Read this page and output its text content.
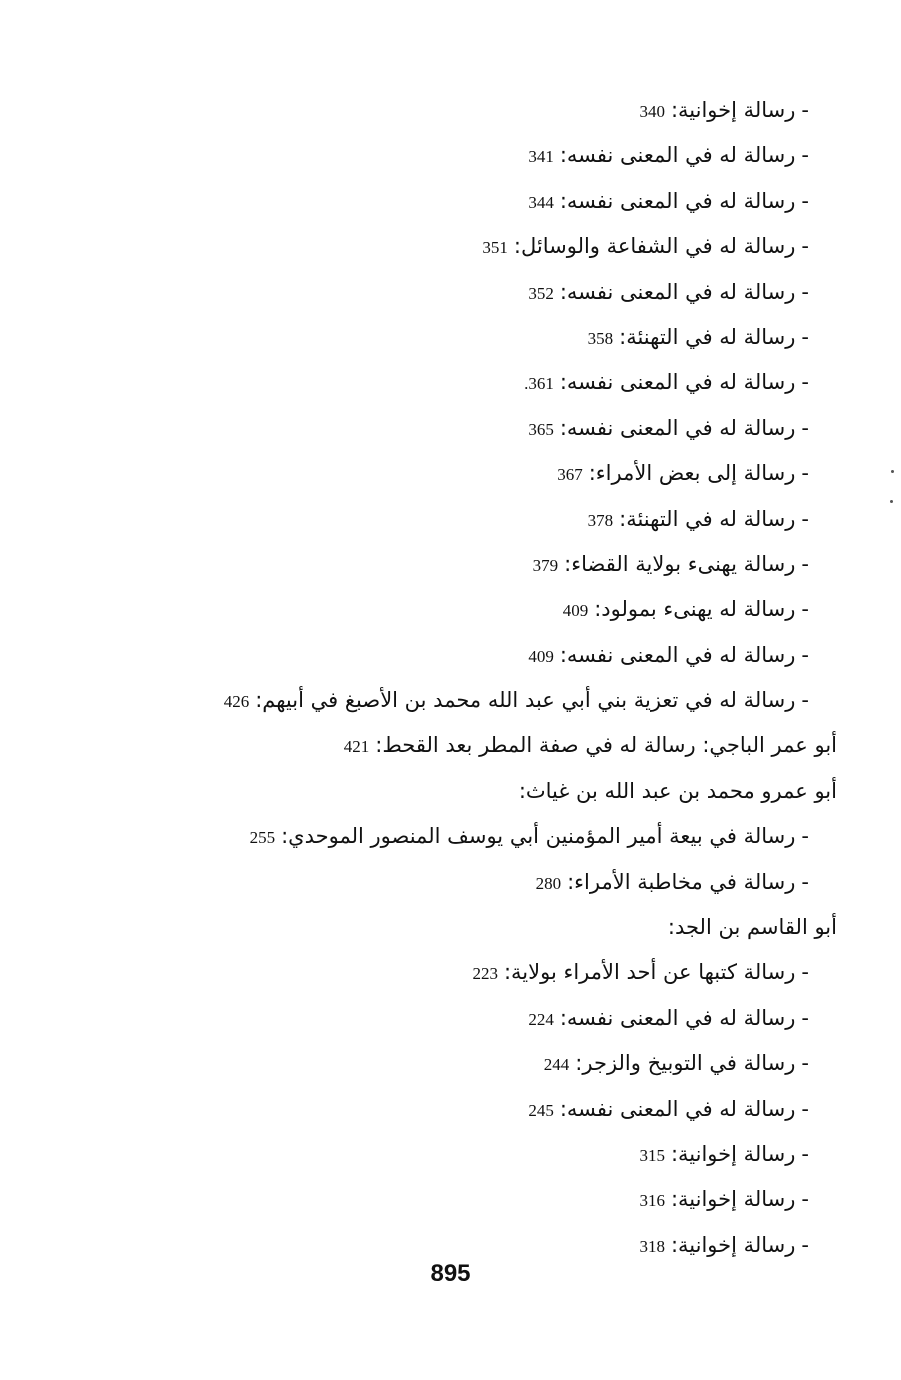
-رسالة إخوانية:340
-رسالة له في المعنى نفسه:341
-رسالة له في المعنى نفسه:344
-رسالة له في الشفاعة والوسائل:351
-رسالة له في المعنى نفسه:352
-رسالة له في التهنئة:358
-رسالة له في المعنى نفسه:361.
-رسالة له في المعنى نفسه:365
-رسالة إلى بعض الأمراء:367
-رسالة له في التهنئة:378
-رسالة يهنىء بولاية القضاء:379
-رسالة له يهنىء بمولود:409
-رسالة له في المعنى نفسه:409
-رسالة له في تعزية بني أبي عبد الله محمد بن الأصبغ في أبيهم:426
أبو عمر الباجي: رسالة له في صفة المطر بعد القحط:421
أبو عمرو محمد بن عبد الله بن غياث:
-رسالة في بيعة أمير المؤمنين أبي يوسف المنصور الموحدي:255
-رسالة في مخاطبة الأمراء:280
أبو القاسم بن الجد:
-رسالة كتبها عن أحد الأمراء بولاية:223
-رسالة له في المعنى نفسه:224
-رسالة في التوبيخ والزجر:244
-رسالة له في المعنى نفسه:245
-رسالة إخوانية:315
-رسالة إخوانية:316
-رسالة إخوانية:318
895
